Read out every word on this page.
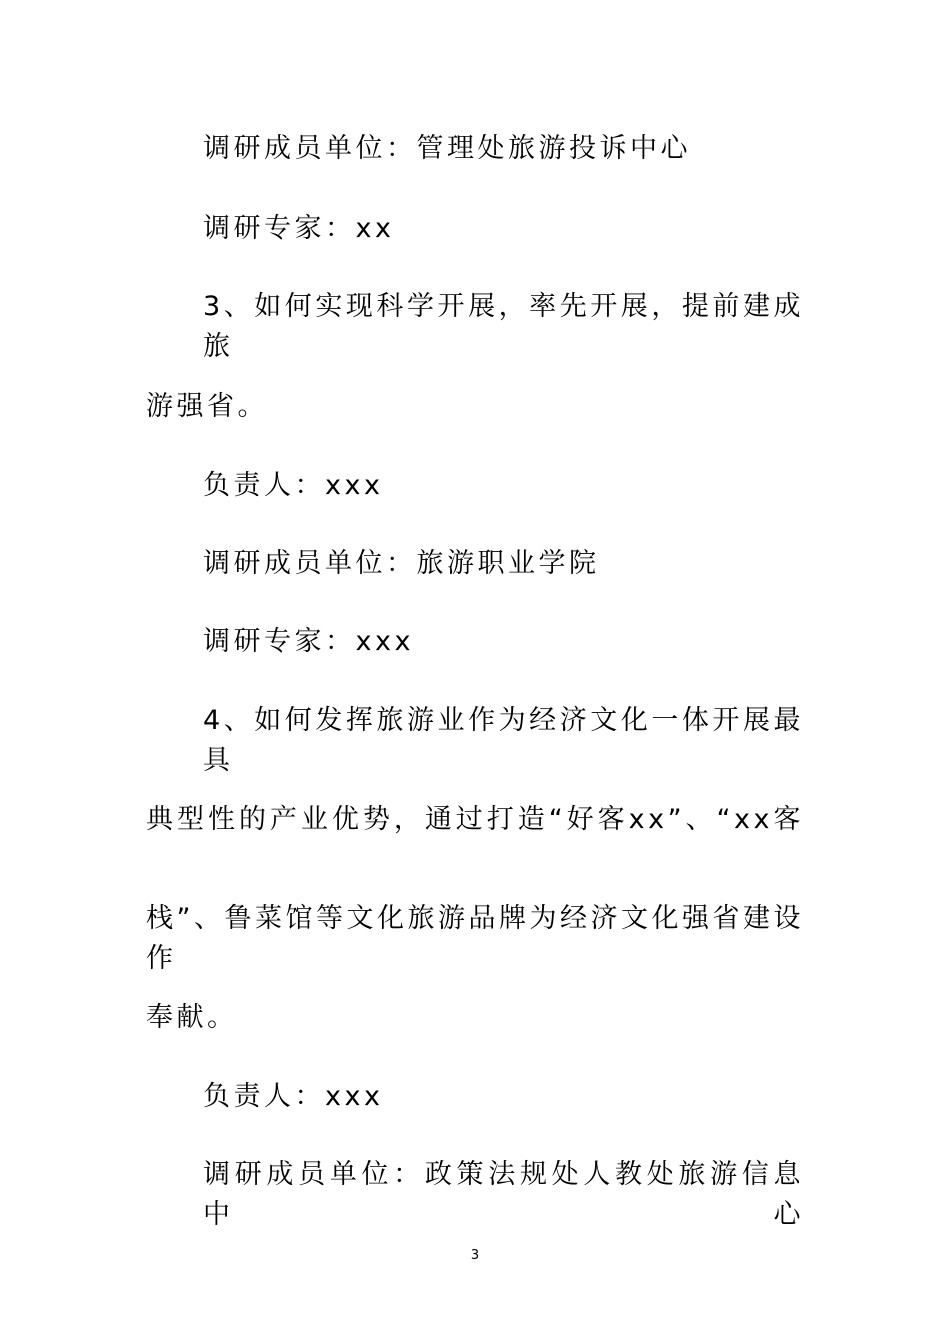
调研成员单位：管理处旅游投诉中心
调研专家：xx
3、如何实现科学开展，率先开展，提前建成旅
游强省。
负责人：xxx
调研成员单位：旅游职业学院
调研专家：xxx
4、如何发挥旅游业作为经济文化一体开展最具
典型性的产业优势，通过打造“好客xx”、“xx客
栈”、鲁菜馆等文化旅游品牌为经济文化强省建设作
奉献。
负责人：xxx
调研成员单位：政策法规处人教处旅游信息中心
3
